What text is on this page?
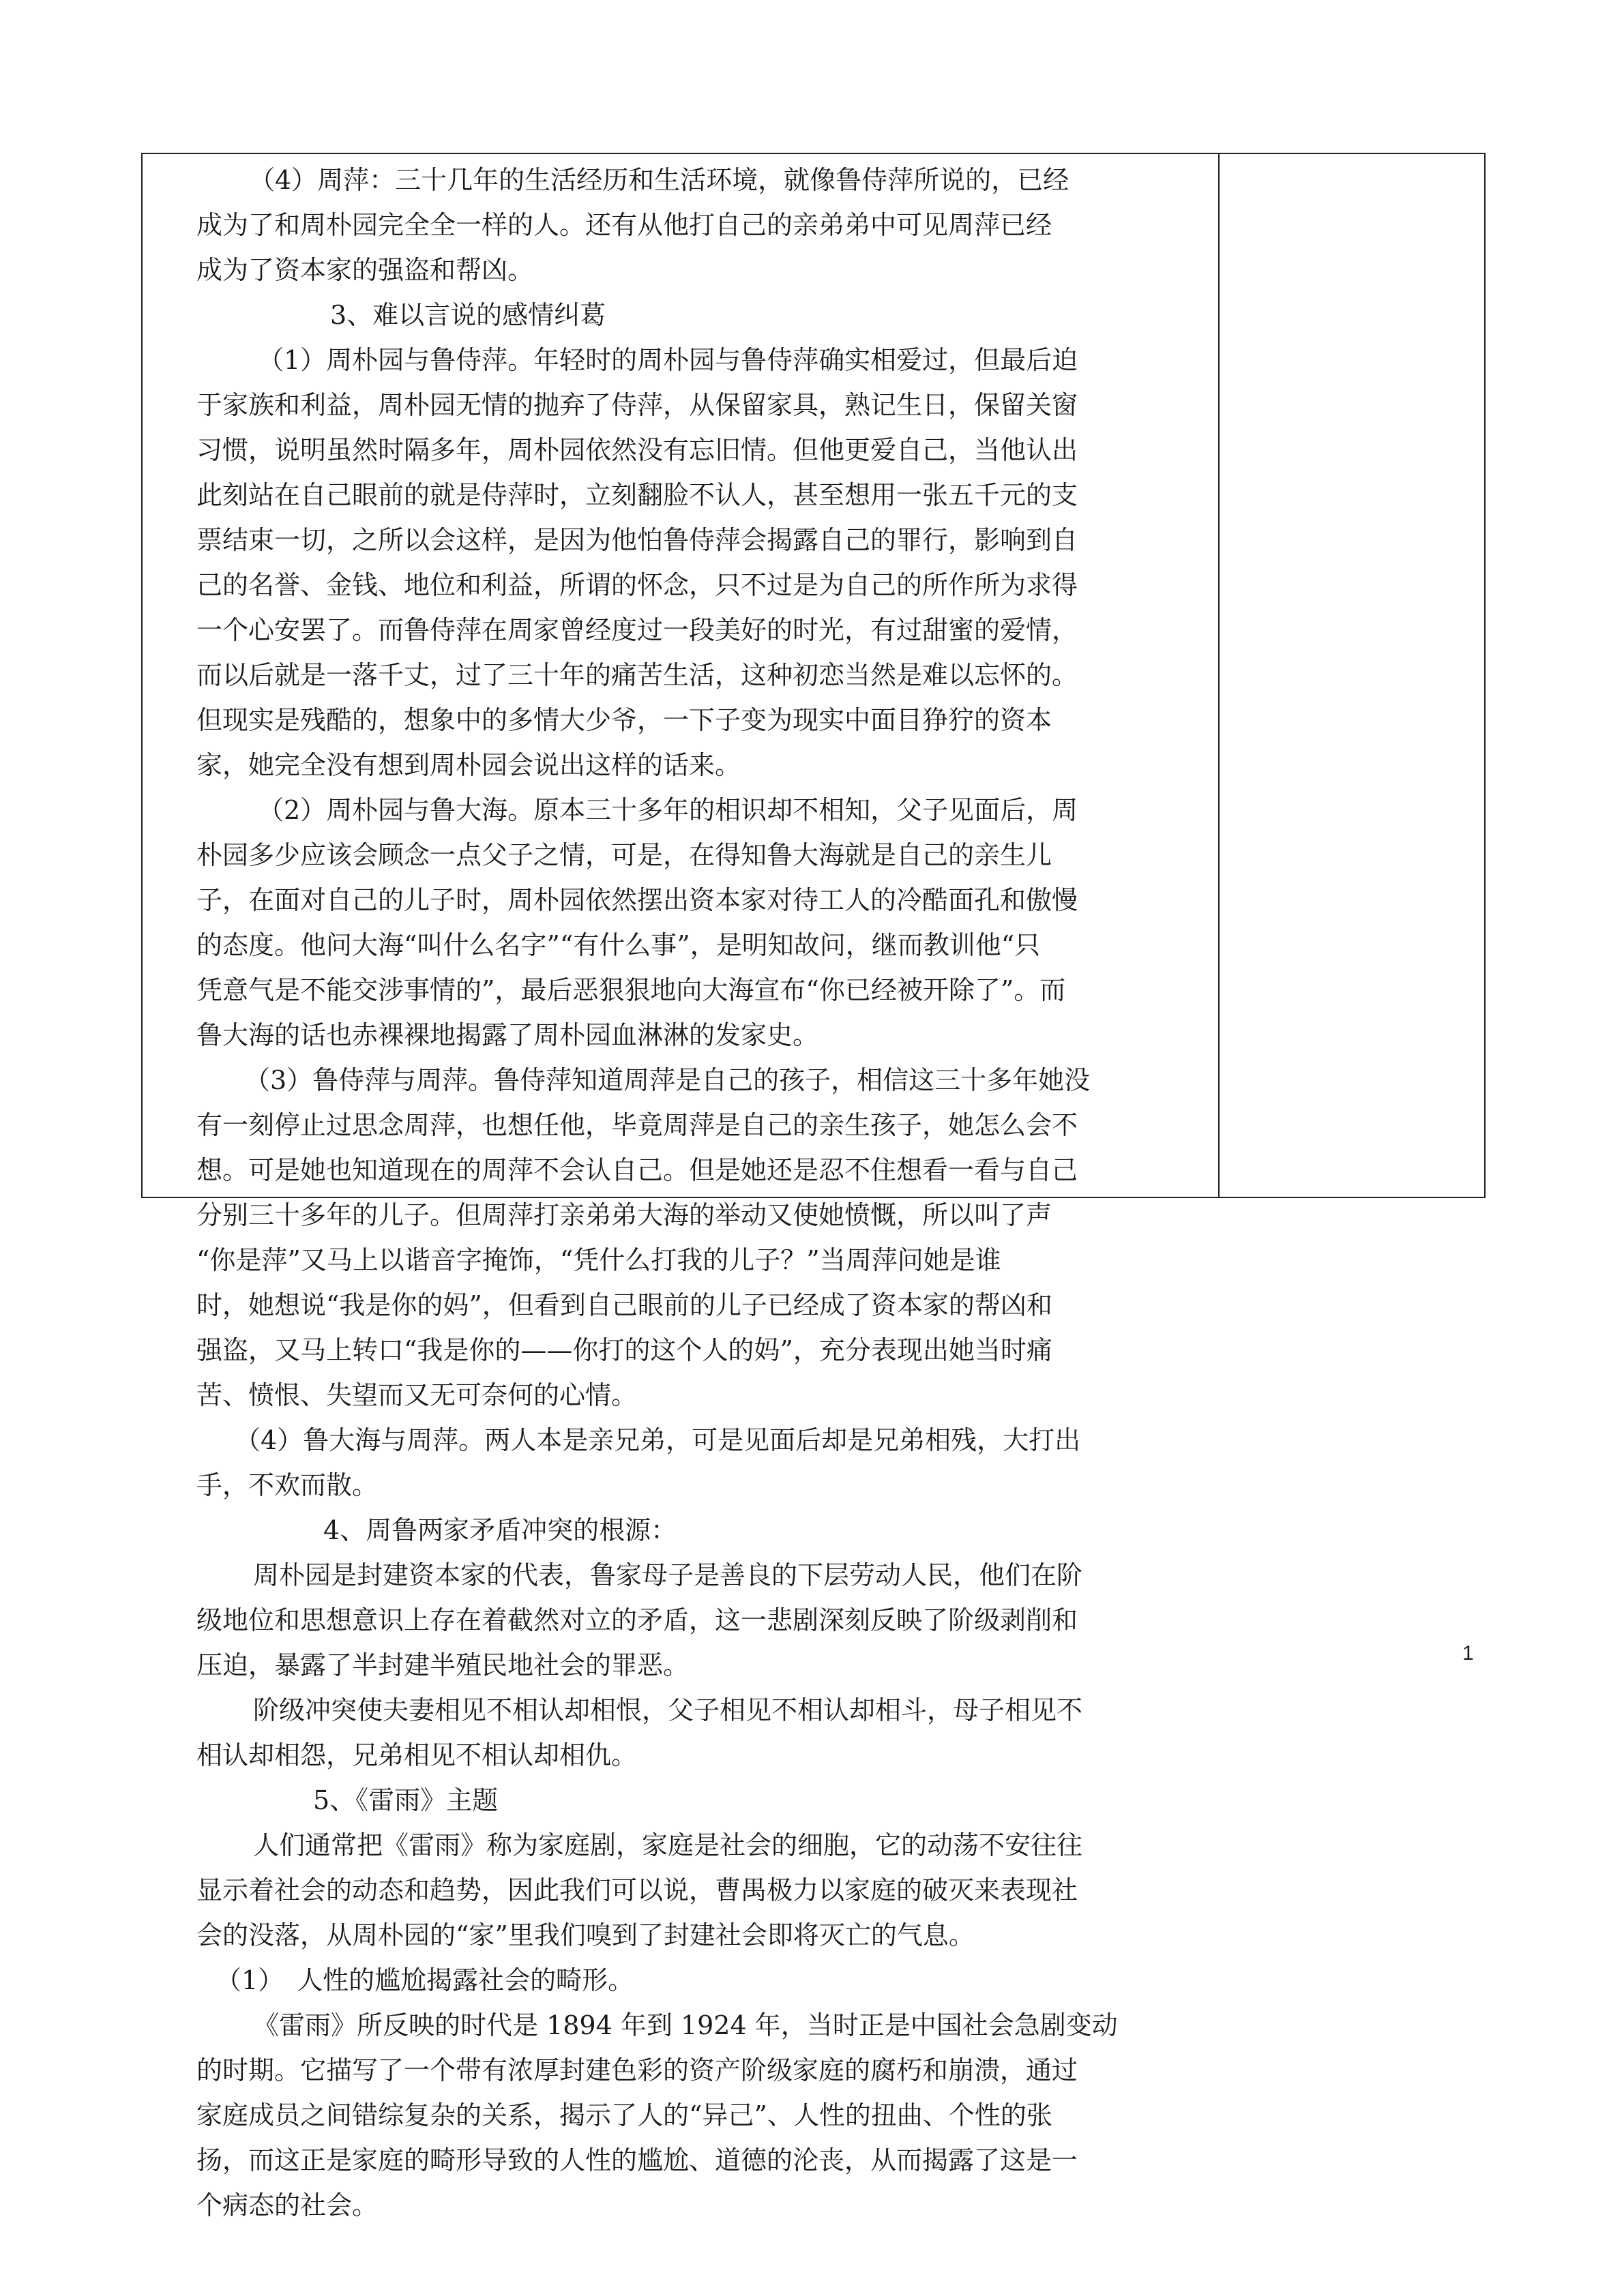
（4）周萍：三十几年的生活经历和生活环境，就像鲁侍萍所说的，已经
成为了和周朴园完全全一样的人。还有从他打自己的亲弟弟中可见周萍已经
成为了资本家的强盗和帮凶。
3、难以言说的感情纠葛
（1）周朴园与鲁侍萍。年轻时的周朴园与鲁侍萍确实相爱过，但最后迫
于家族和利益，周朴园无情的抛弃了侍萍，从保留家具，熟记生日，保留关窗
习惯，说明虽然时隔多年，周朴园依然没有忘旧情。但他更爱自己，当他认出
此刻站在自己眼前的就是侍萍时，立刻翻脸不认人，甚至想用一张五千元的支
票结束一切，之所以会这样，是因为他怕鲁侍萍会揭露自己的罪行，影响到自
己的名誉、金钱、地位和利益，所谓的怀念，只不过是为自己的所作所为求得
一个心安罢了。而鲁侍萍在周家曾经度过一段美好的时光，有过甜蜜的爱情，
而以后就是一落千丈，过了三十年的痛苦生活，这种初恋当然是难以忘怀的。
但现实是残酷的，想象中的多情大少爷，一下子变为现实中面目狰狞的资本
家，她完全没有想到周朴园会说出这样的话来。
（2）周朴园与鲁大海。原本三十多年的相识却不相知，父子见面后，周
朴园多少应该会顾念一点父子之情，可是，在得知鲁大海就是自己的亲生儿
子，在面对自己的儿子时，周朴园依然摆出资本家对待工人的冷酷面孔和傲慢
的态度。他问大海“叫什么名字”“有什么事”，是明知故问，继而教训他“只
凭意气是不能交涉事情的”，最后恶狠狠地向大海宣布“你已经被开除了”。而
鲁大海的话也赤裸裸地揭露了周朴园血淋淋的发家史。
（3）鲁侍萍与周萍。鲁侍萍知道周萍是自己的孩子，相信这三十多年她没
有一刻停止过思念周萍，也想任他，毕竟周萍是自己的亲生孩子，她怎么会不
想。可是她也知道现在的周萍不会认自己。但是她还是忍不住想看一看与自己
分别三十多年的儿子。但周萍打亲弟弟大海的举动又使她愤慨，所以叫了声
“你是萍”又马上以谐音字掩饰，“凭什么打我的儿子？”当周萍问她是谁
时，她想说“我是你的妈”，但看到自己眼前的儿子已经成了资本家的帮凶和
强盗，又马上转口“我是你的——你打的这个人的妈”，充分表现出她当时痛
苦、愤恨、失望而又无可奈何的心情。
（4）鲁大海与周萍。两人本是亲兄弟，可是见面后却是兄弟相残，大打出
手，不欢而散。
4、周鲁两家矛盾冲突的根源：
周朴园是封建资本家的代表，鲁家母子是善良的下层劳动人民，他们在阶
级地位和思想意识上存在着截然对立的矛盾，这一悲剧深刻反映了阶级剥削和
压迫，暴露了半封建半殖民地社会的罪恶。
阶级冲突使夫妻相见不相认却相恨，父子相见不相认却相斗，母子相见不
相认却相怨，兄弟相见不相认却相仇。
5、《雷雨》主题
人们通常把《雷雨》称为家庭剧，家庭是社会的细胞，它的动荡不安往往
显示着社会的动态和趋势，因此我们可以说，曹禺极力以家庭的破灭来表现社
会的没落，从周朴园的“家”里我们嗅到了封建社会即将灭亡的气息。
（1）　人性的尴尬揭露社会的畸形。
《雷雨》所反映的时代是 1894 年到 1924 年，当时正是中国社会急剧变动
的时期。它描写了一个带有浓厚封建色彩的资产阶级家庭的腐朽和崩溃，通过
家庭成员之间错综复杂的关系，揭示了人的“异己”、人性的扭曲、个性的张
扬，而这正是家庭的畸形导致的人性的尴尬、道德的沦丧，从而揭露了这是一
个病态的社会。
1
